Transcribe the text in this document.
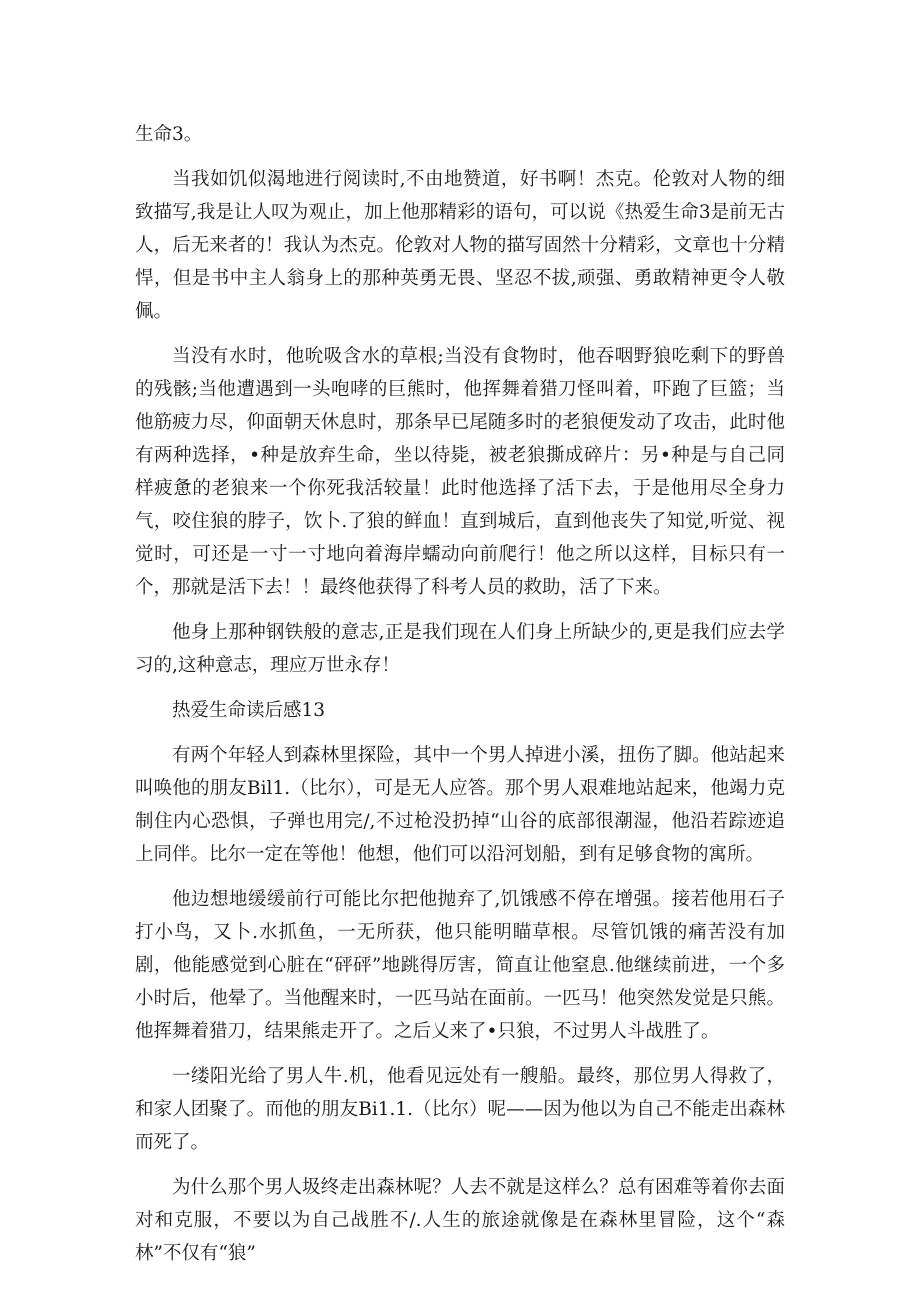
生命3。

当我如饥似渴地进行阅读时,不由地赞道，好书啊！杰克。伦敦对人物的细致描写,我是让人叹为观止，加上他那精彩的语句，可以说《热爱生命3是前无古人，后无来者的！我认为杰克。伦敦对人物的描写固然十分精彩，文章也十分精悍，但是书中主人翁身上的那种英勇无畏、坚忍不拔,顽强、勇敢精神更令人敬佩。

当没有水时，他吮吸含水的草根;当没有食物时，他吞咽野狼吃剩下的野兽的残骸;当他遭遇到一头咆哮的巨熊时，他挥舞着猎刀怪叫着，吓跑了巨篮；当他筋疲力尽，仰面朝天休息时，那条早已尾随多时的老狼便发动了攻击，此时他有两种选择，•种是放弃生命，坐以待毙，被老狼撕成碎片：另•种是与自己同样疲惫的老狼来一个你死我活较量！此时他选择了活下去，于是他用尽全身力气，咬住狼的脖子，饮卜.了狼的鲜血！直到城后，直到他丧失了知觉,听觉、视觉时，可还是一寸一寸地向着海岸蠕动向前爬行！他之所以这样，目标只有一个，那就是活下去！！最终他获得了科考人员的救助，活了下来。

他身上那种钢铁般的意志,正是我们现在人们身上所缺少的,更是我们应去学习的,这种意志，理应万世永存！

热爱生命读后感13

有两个年轻人到森林里探险，其中一个男人掉进小溪，扭伤了脚。他站起来叫唤他的朋友Bil1.（比尔），可是无人应答。那个男人艰难地站起来，他竭力克制住内心恐惧，子弹也用完/,不过枪没扔掉“山谷的底部很潮湿，他沿若踪迹追上同伴。比尔一定在等他！他想，他们可以沿河划船，到有足够食物的寓所。

他边想地缓缓前行可能比尔把他抛弃了,饥饿感不停在增强。接若他用石子打小鸟，又卜.水抓鱼，一无所获，他只能明瞄草根。尽管饥饿的痛苦没有加剧，他能感觉到心脏在“砰砰”地跳得厉害，简直让他窒息.他继续前进，一个多小时后，他晕了。当他醒来时，一匹马站在面前。一匹马！他突然发觉是只熊。他挥舞着猎刀，结果熊走开了。之后乂来了•只狼，不过男人斗战胜了。

一缕阳光给了男人牛.机，他看见远处有一艘船。最终，那位男人得救了，和家人团聚了。而他的朋友Bi1.1.（比尔）呢——因为他以为自己不能走出森林而死了。

为什么那个男人圾终走出森林呢？人去不就是这样么？总有困难等着你去面对和克服，不要以为自己战胜不/.人生的旅途就像是在森林里冒险，这个“森林”不仅有“狼”
